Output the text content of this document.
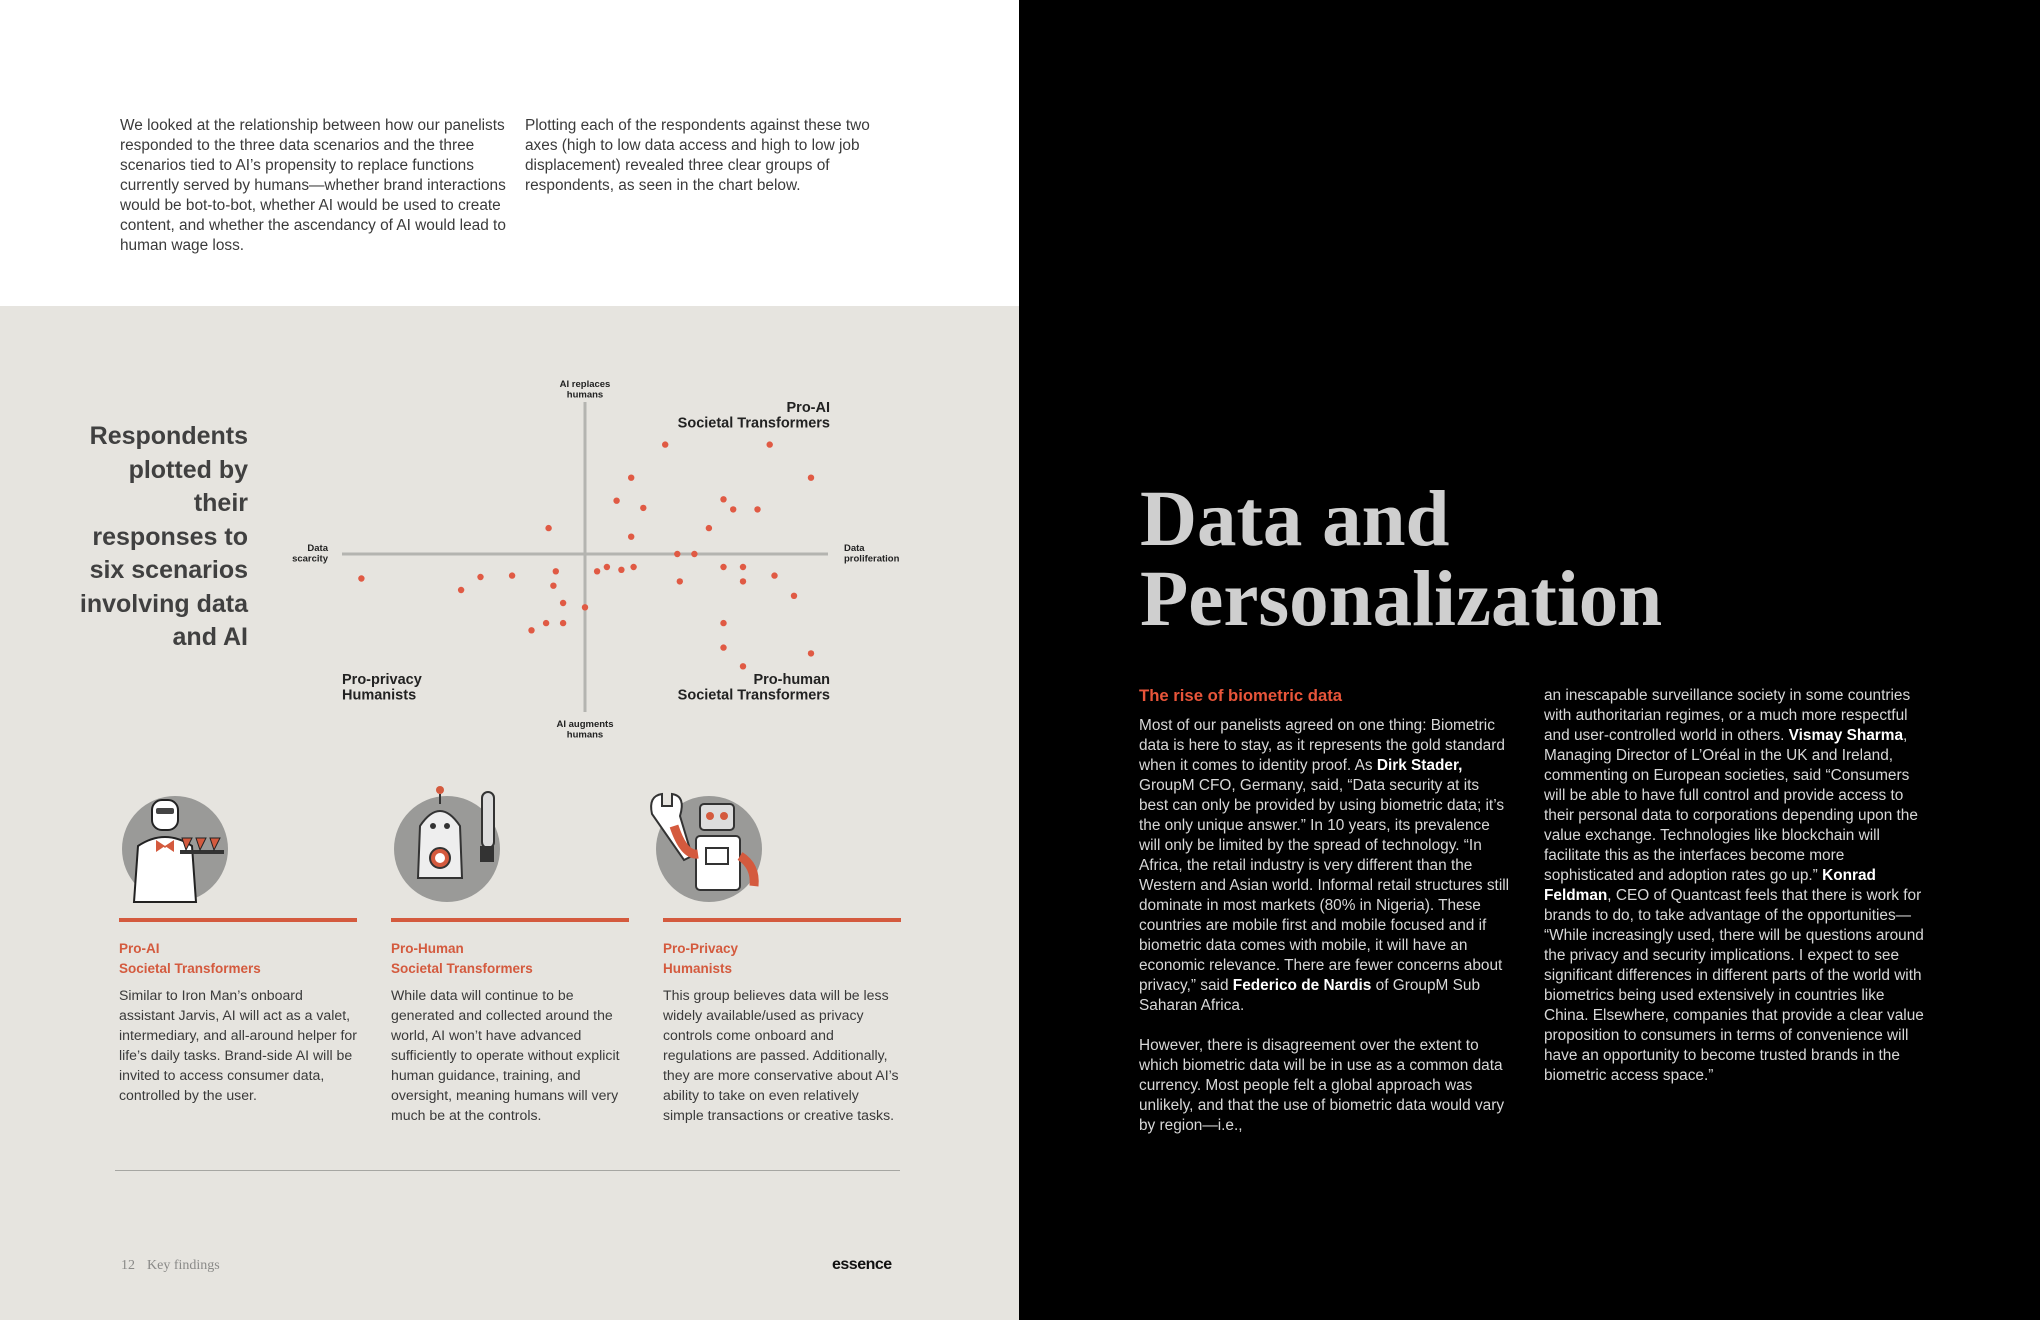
We looked at the relationship between how our panelists responded to the three data scenarios and the three scenarios tied to AI’s propensity to replace functions currently served by humans—whether brand interactions would be bot-to-bot, whether AI would be used to create content, and whether the ascendancy of AI would lead to human wage loss.
Plotting each of the respondents against these two axes (high to low data access and high to low job displacement) revealed three clear groups of respondents, as seen in the chart below.
Respondents plotted by their responses to six scenarios involving data and AI
AI replaces humans
AI augments humans
Data scarcity
Data proliferation
Pro-AI Societal Transformers
Pro-privacy Humanists
Pro-human Societal Transformers
Pro-AI
Societal Transformers
Similar to Iron Man’s onboard assistant Jarvis, AI will act as a valet, intermediary, and all-around helper for life’s daily tasks. Brand-side AI will be invited to access consumer data, controlled by the user.
Pro-Human
Societal Transformers
While data will continue to be generated and collected around the world, AI won’t have advanced sufficiently to operate without explicit human guidance, training, and oversight, meaning humans will very much be at the controls.
Pro-Privacy
Humanists
This group believes data will be less widely available/used as privacy controls come onboard and regulations are passed. Additionally, they are more conservative about AI’s ability to take on even relatively simple transactions or creative tasks.
12 Key findings	essence
Data and
Personalization
The rise of biometric data

Most of our panelists agreed on one thing: Biometric data is here to stay, as it represents the gold standard when it comes to identity proof. As Dirk Stader, GroupM CFO, Germany, said, “Data security at its best can only be provided by using biometric data; it’s the only unique answer.” In 10 years, its prevalence will only be limited by the spread of technology. “In Africa, the retail industry is very different than the Western and Asian world. Informal retail structures still dominate in most markets (80% in Nigeria). These countries are mobile first and mobile focused and if biometric data comes with mobile, it will have an economic relevance. There are fewer concerns about privacy,” said Federico de Nardis of GroupM Sub Saharan Africa.

However, there is disagreement over the extent to which biometric data will be in use as a common data currency. Most people felt a global approach was unlikely, and that the use of biometric data would vary by region—i.e.,

an inescapable surveillance society in some countries with authoritarian regimes, or a much more respectful and user-controlled world in others. Vismay Sharma, Managing Director of L’Oréal in the UK and Ireland, commenting on European societies, said “Consumers will be able to have full control and provide access to their personal data to corporations depending upon the value exchange. Technologies like blockchain will facilitate this as the interfaces become more sophisticated and adoption rates go up.” Konrad Feldman, CEO of Quantcast feels that there is work for brands to do, to take advantage of the opportunities— “While increasingly used, there will be questions around the privacy and security implications. I expect to see significant differences in different parts of the world with biometrics being used extensively in countries like China. Elsewhere, companies that provide a clear value proposition to consumers in terms of convenience will have an opportunity to become trusted brands in the biometric access space.”
